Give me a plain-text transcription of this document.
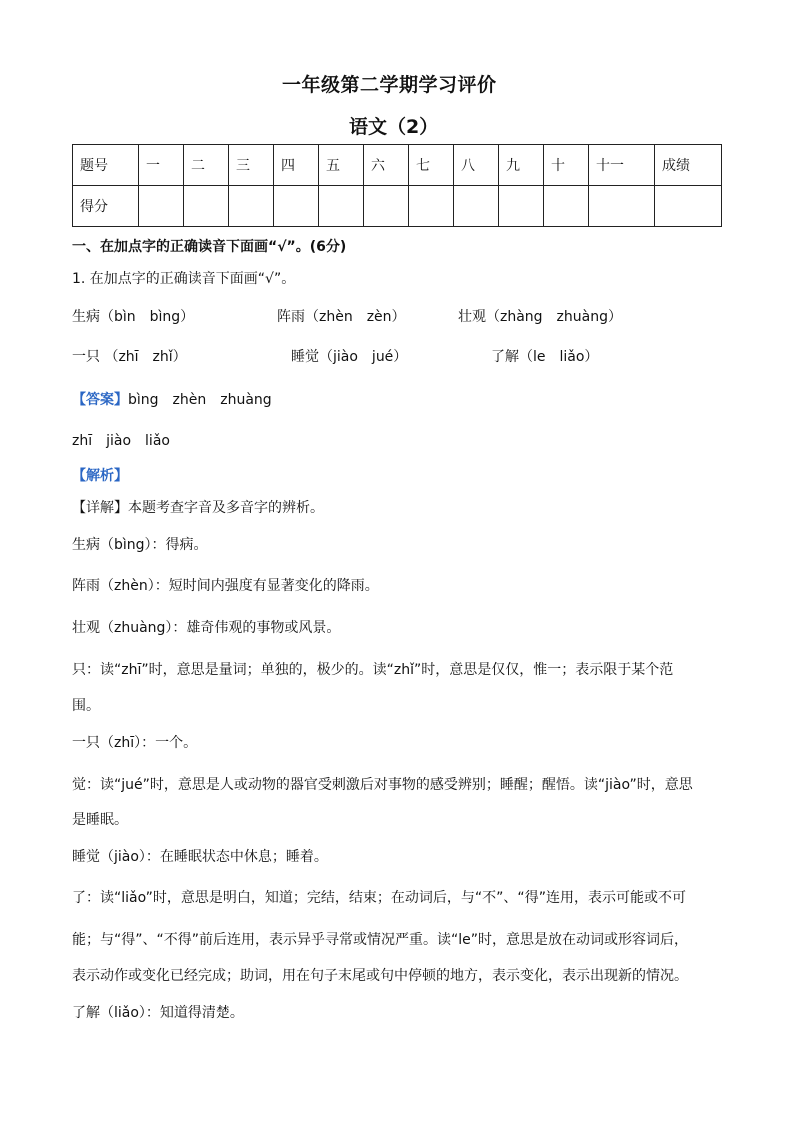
一年级第二学期学习评价
语文（2）
题号	一	二	三	四	五	六	七	八	九	十	十一	成绩
得分												
一、在加点字的正确读音下面画“√”。(6分)
1. 在加点字的正确读音下面画“√”。
生病（bìn　bìng）	阵雨（zhèn　zèn）	壮观（zhàng　zhuàng）
一只 （zhī　zhǐ）	睡觉（jiào　jué）	了解（le　liǎo）
【答案】bìng　zhèn　zhuàng
zhī　jiào　liǎo
【解析】
【详解】本题考查字音及多音字的辨析。
生病（bìng）：得病。
阵雨（zhèn）：短时间内强度有显著变化的降雨。
壮观（zhuàng）：雄奇伟观的事物或风景。
只：读“zhī”时，意思是量词；单独的，极少的。读“zhǐ”时，意思是仅仅，惟一；表示限于某个范
围。
一只（zhī）：一个。
觉：读“jué”时，意思是人或动物的器官受刺激后对事物的感受辨别；睡醒；醒悟。读“jiào”时，意思
是睡眠。
睡觉（jiào）：在睡眠状态中休息；睡着。
了：读“liǎo”时，意思是明白，知道；完结，结束；在动词后，与“不”、“得”连用，表示可能或不可
能；与“得”、“不得”前后连用，表示异乎寻常或情况严重。读“le”时，意思是放在动词或形容词后，
表示动作或变化已经完成；助词，用在句子末尾或句中停顿的地方，表示变化，表示出现新的情况。
了解（liǎo）：知道得清楚。
